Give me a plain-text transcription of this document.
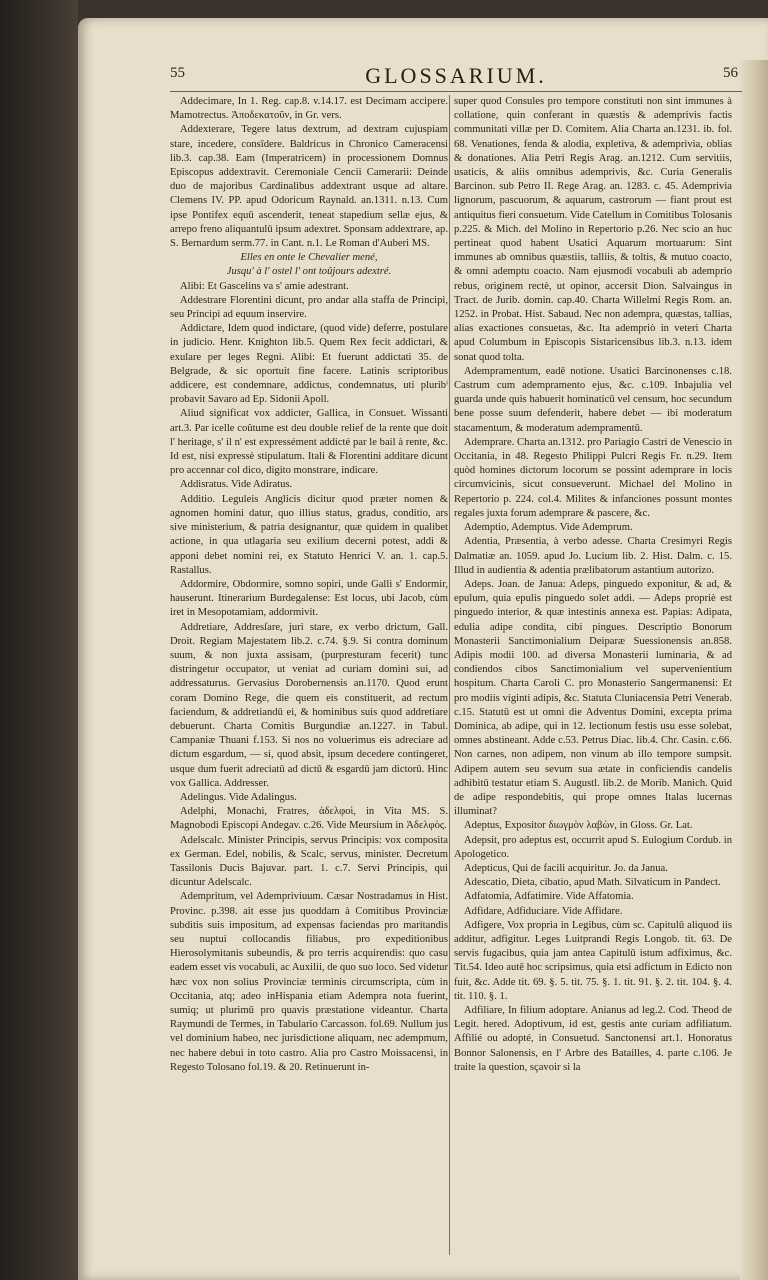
55	GLOSSARIUM.	56

Addecimare, In 1. Reg. cap.8. v.14.17. est Decimam accipere. Mamotrectus. Ἀποδεκατοῦν, in Gr. vers.

Addexterare, Tegere latus dextrum, ad dextram cujuspiam stare, incedere, consīdere. Baldricus in Chronico Cameracensi lib.3. cap.38. Eam (Imperatricem) in processionem Domnus Episcopus addextravit. Ceremoniale Cencii Camerarii: Deinde duo de majoribus Cardinalibus addextrant usque ad altare. Clemens IV. PP. apud Odoricum Raynald. an.1311. n.13. Cum ipse Pontifex equū ascenderit, teneat stapedium sellæ ejus, & arrepo freno aliquantulū ipsum adextret. Sponsam addextrare, ap. S. Bernardum serm.77. in Cant. n.1. Le Roman d'Auberi MS.

Elles en onte le Chevalier mené,

Jusqu' à l' ostel l' ont toûjours adextré.

Alibi: Et Gascelins va s' amie adestrant.

Addestrare Florentini dicunt, pro andar alla staffa de Principi, seu Principi ad equum inservire.

Addictare, Idem quod indictare, (quod vide) deferre, postulare in judicio. Henr. Knighton lib.5. Quem Rex fecit addictari, & exulare per leges Regni. Alibi: Et fuerunt addictati 35. de Belgrade, & sic oportuit fine facere. Latinis scriptoribus addicere, est condemnare, addictus, condemnatus, uti pluribⁱ probavit Savaro ad Ep. Sidonii Apoll.

Aliud significat vox addicter, Gallica, in Consuet. Wissanti art.3. Par icelle coûtume est deu double relief de la rente que doit l' heritage, s' il n' est expressément addicté par le bail à rente, &c. Id est, nisi expressè stipulatum. Itali & Florentini additare dicunt pro accennar col dico, digito monstrare, indicare.

Addisratus. Vide Adiratus.

Additio. Leguleis Anglicis dicitur quod præter nomen & agnomen homini datur, quo illius status, gradus, conditio, ars sive ministerium, & patria designantur, quæ quidem in qualibet actione, in qua utlagaria seu exilium decerni potest, addi & apponi debet nomini rei, ex Statuto Henrici V. an. 1. cap.5. Rastallus.

Addormire, Obdormire, somno sopiri, unde Galli s' Endormir, hauserunt. Itinerarium Burdegalense: Est locus, ubi Jacob, cùm iret in Mesopotamiam, addormivit.

Addretiare, Addresſare, juri stare, ex verbo drictum, Gall. Droit. Regiam Majestatem lib.2. c.74. §.9. Si contra dominum suum, & non juxta assisam, (purpresturam fecerit) tunc distringetur occupator, ut veniat ad curiam domini sui, ad addressaturus. Gervasius Dorobernensis an.1170. Quod erunt coram Domino Rege, die quem eis constituerit, ad rectum faciendum, & addretiandū ei, & hominibus suis quod addretiare debuerunt. Charta Comitis Burgundiæ an.1227. in Tabul. Campaniæ Thuani f.153. Si nos no voluerimus eis adreciare ad dictum esgardum, — si, quod absit, ipsum decedere contingeret, usque dum fuerit adreciatū ad dictū & esgardū jam dictorū. Hinc vox Gallica. Addresser.

Adelingus. Vide Adalingus.

Adelphi, Monachi, Fratres, ἀδελφοὶ, in Vita MS. S. Magnobodi Episcopi Andegav. c.26. Vide Meursium in Ἀδελφὸς.

Adelscalc. Minister Principis, servus Principis: vox composita ex German. Edel, nobilis, & Scalc, servus, minister. Decretum Tassilonis Ducis Bajuvar. part. 1. c.7. Servi Principis, qui dicuntur Adelscalc.

Adempritum, vel Adempriviuum. Cæsar Nostradamus in Hist. Provinc. p.398. ait esse jus quoddam à Comitibus Provinciæ subditis suis impositum, ad expensas faciendas pro maritandis seu nuptui collocandis filiabus, pro expeditionibus Hierosolymitanis subeundis, & pro terris acquirendis: quo casu eadem esset vis vocabuli, ac Auxilii, de quo suo loco. Sed videtur hæc vox non solius Provinciæ terminis circumscripta, cùm in Occitania, atq; adeo inHispania etiam Adempra nota fuerint, sumiq; ut plurimū pro quavis præstatione videantur. Charta Raymundi de Termes, in Tabulario Carcasson. fol.69. Nullum jus vel dominium habeo, nec jurisdictione aliquam, nec adempmum, nec habere debui in toto castro. Alia pro Castro Moissacensi, in Regesto Tolosano fol.19. & 20. Retinuerunt in-

super quod Consules pro tempore constituti non sint immunes à collatione, quin conferant in quæstis & ademprivis factis communitati villæ per D. Comitem. Alia Charta an.1231. ib. fol. 68. Venationes, fenda & alodia, expletiva, & ademprivia, oblias & donationes. Alia Petri Regis Arag. an.1212. Cum servitiis, usaticis, & aliis omnibus ademprivis, &c. Curia Generalis Barcinon. sub Petro II. Rege Arag. an. 1283. c. 45. Ademprivia lignorum, pascuorum, & aquarum, castrorum — fiant prout est antiquitus fieri consuetum. Vide Catellum in Comitibus Tolosanis p.225. & Mich. del Molino in Repertorio p.26. Nec scio an huc pertineat quod habent Usatici Aquarum mortuarum: Sint immunes ab omnibus quæstiis, talliis, & toltis, & mutuo coacto, & omni ademptu coacto. Nam ejusmodi vocabuli ab ademprio rebus, originem rectè, ut opinor, accersit Dion. Salvaingus in Tract. de Jurib. domin. cap.40. Charta Willelmi Regis Rom. an. 1252. in Probat. Hist. Sabaud. Nec non adempra, quæstas, tallias, alias exactiones consuetas, &c. Ita adempriò in veteri Charta apud Columbum in Episcopis Sistaricensibus lib.3. n.13. idem sonat quod tolta.

Adempramentum, eadē notione. Usatici Barcinonenses c.18. Castrum cum adempramento ejus, &c. c.109. Inbajulia vel guarda unde quis habuerit hominaticū vel censum, hoc secundum bene posse suum defenderit, habere debet — ibi moderatum stacamentum, & moderatum adempramentū.

Ademprare. Charta an.1312. pro Pariagio Castri de Venescio in Occitania, in 48. Regesto Philippi Pulcri Regis Fr. n.29. Item quòd homines dictorum locorum se possint ademprare in locis circumvicinis, sicut consueverunt. Michael del Molino in Repertorio p. 224. col.4. Milites & infanciones possunt montes regales juxta forum ademprare & pascere, &c.

Ademptio, Ademptus. Vide Ademprum.

Adentia, Præsentia, à verbo adesse. Charta Cresimyri Regis Dalmatiæ an. 1059. apud Jo. Lucium lib. 2. Hist. Dalm. c. 15. Illud in audientia & adentia prælibatorum astantium autorizo.

Adeps. Joan. de Janua: Adeps, pinguedo exponitur, & ad, & epulum, quia epulis pinguedo solet addi. — Adeps propriè est pinguedo interior, & quæ intestinis annexa est. Papias: Adipata, edulia adipe condita, cibi pingues. Descriptio Bonorum Monasterii Sanctimonialium Deiparæ Suessionensis an.858. Adipis modii 100. ad diversa Monasterii luminaria, & ad condiendos cibos Sanctimonialium vel supervenientium hospitum. Charta Caroli C. pro Monasterio Sangermanensi: Et pro modiis viginti adipis, &c. Statuta Cluniacensia Petri Venerab. c.15. Statutū est ut omni die Adventus Domini, excepta prima Dominica, ab adipe, qui in 12. lectionum festis usu esse solebat, omnes abstineant. Adde c.53. Petrus Diac. lib.4. Chr. Casin. c.66. Non carnes, non adipem, non vinum ab illo tempore sumpsit. Adipem autem seu sevum sua ætate in conficiendis candelis adhibitū testatur etiam S. Augustl. lib.2. de Morib. Manich. Quid de adipe respondebitis, qui prope omnes Italas lucernas illuminat?

Adeptus, Expositor διωγμὸν λαβὼν, in Gloss. Gr. Lat.

Adepsit, pro adeptus est, occurrit apud S. Eulogium Cordub. in Apologetico.

Adepticus, Qui de facili acquiritur. Jo. da Janua.

Adescatio, Dieta, cibatio, apud Math. Silvaticum in Pandect.

Adfatomia, Adfatimire. Vide Affatomia.

Adfidare, Adfiduciare. Vide Affidare.

Adfigere, Vox propria in Legibus, cùm sc. Capitulū aliquod iis additur, adfigitur. Leges Luitprandi Regis Longob. tit. 63. De servis fugacibus, quia jam antea Capitulū istum adfiximus, &c. Tit.54. Ideo autē hoc scripsimus, quia etsi adfictum in Edicto non fuit, &c. Adde tit. 69. §. 5. tit. 75. §. 1. tit. 91. §. 2. tit. 104. §. 4. tit. 110. §. 1.

Adfiliare, In filium adoptare. Anianus ad leg.2. Cod. Theod de Legit. hered. Adoptivum, id est, gestis ante curiam adfiliatum. Affilié ou adopté, in Consuetud. Sanctonensi art.1. Honoratus Bonnor Salonensis, en l' Arbre des Batailles, 4. parte c.106. Je traite la question, sçavoir si la
